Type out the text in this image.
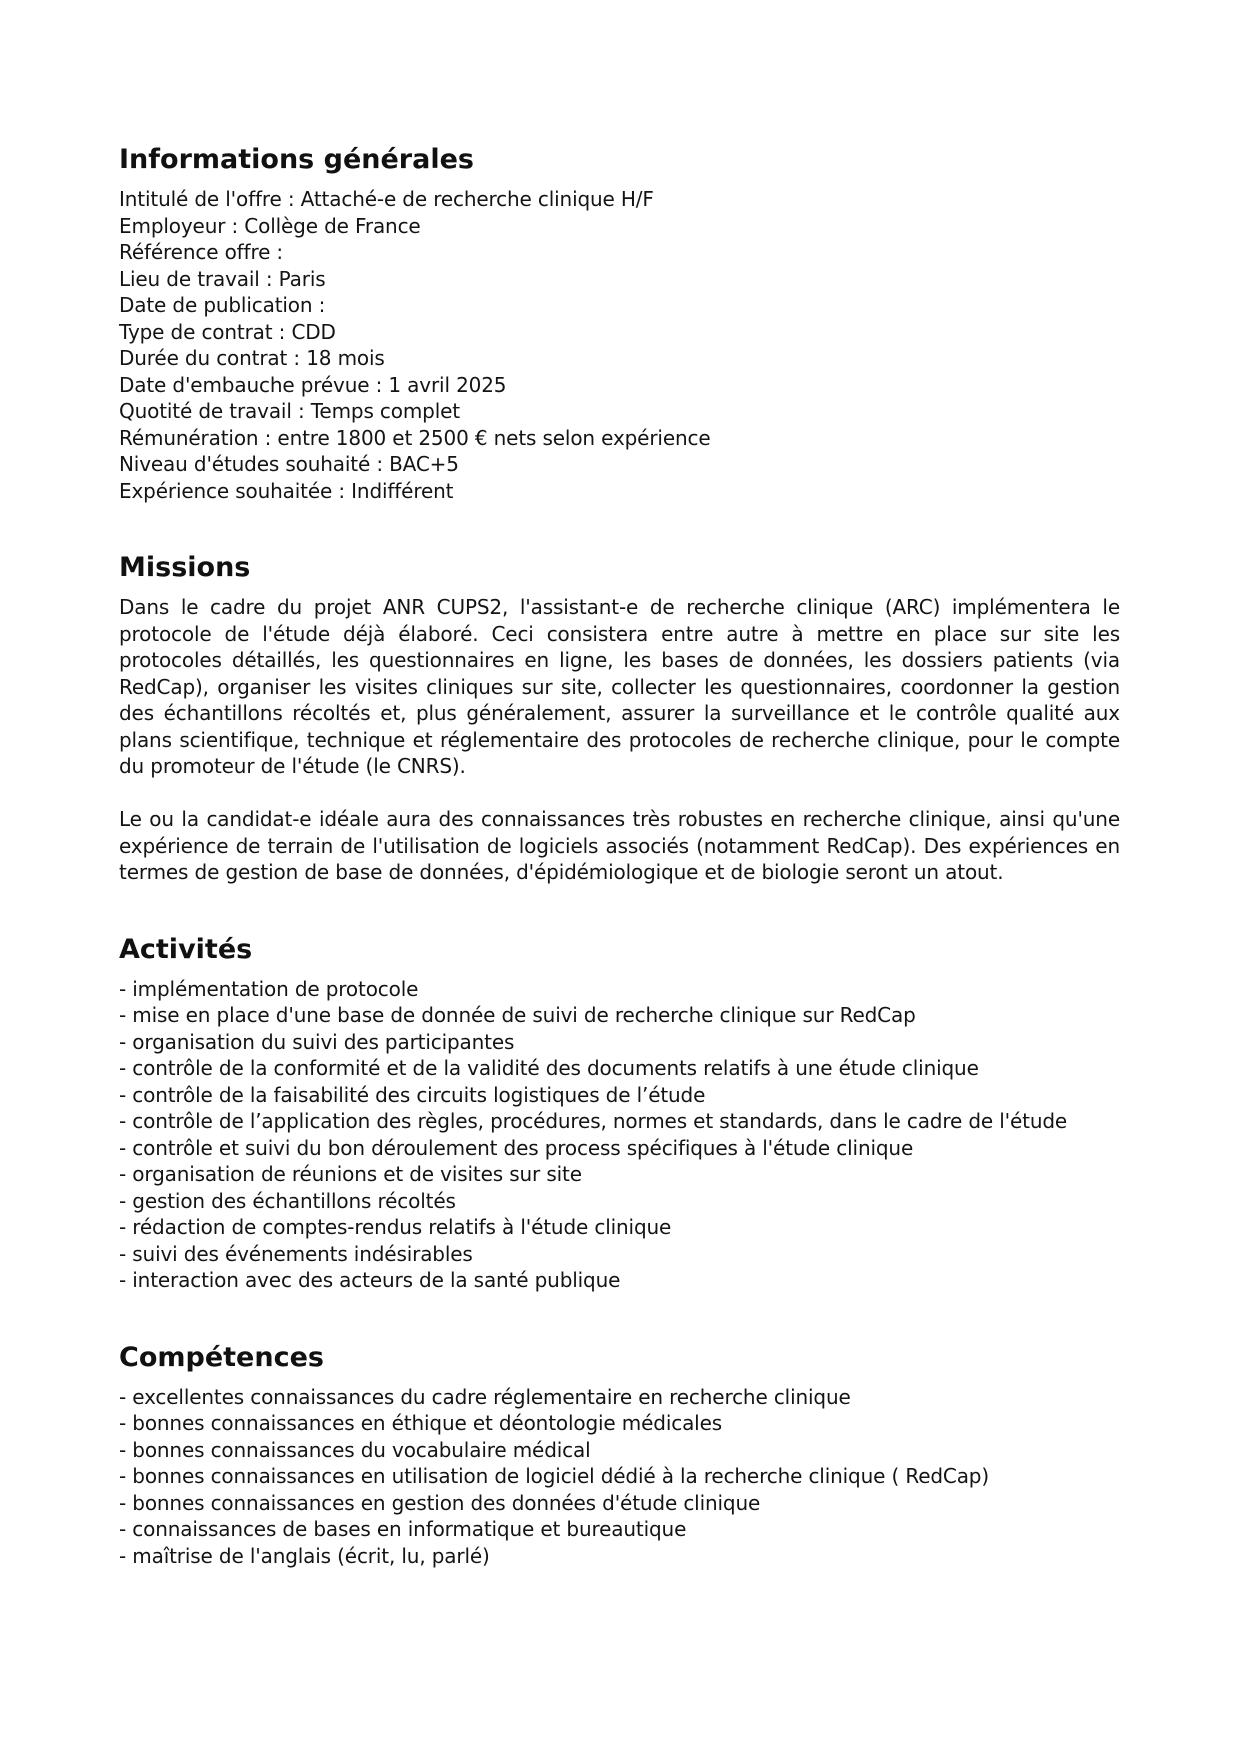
Informations générales
Intitulé de l'offre : Attaché-e de recherche clinique H/F
Employeur : Collège de France
Référence offre :
Lieu de travail : Paris
Date de publication :
Type de contrat : CDD
Durée du contrat : 18 mois
Date d'embauche prévue : 1 avril 2025
Quotité de travail : Temps complet
Rémunération : entre 1800 et 2500 € nets selon expérience
Niveau d'études souhaité : BAC+5
Expérience souhaitée : Indifférent
Missions

Dans le cadre du projet ANR CUPS2, l'assistant-e de recherche clinique (ARC) implémentera le protocole de l'étude déjà élaboré. Ceci consistera entre autre à mettre en place sur site les protocoles détaillés, les questionnaires en ligne, les bases de données, les dossiers patients (via RedCap), organiser les visites cliniques sur site, collecter les questionnaires, coordonner la gestion des échantillons récoltés et, plus généralement, assurer la surveillance et le contrôle qualité aux plans scientifique, technique et réglementaire des protocoles de recherche clinique, pour le compte du promoteur de l'étude (le CNRS).

Le ou la candidat-e idéale aura des connaissances très robustes en recherche clinique, ainsi qu'une expérience de terrain de l'utilisation de logiciels associés (notamment RedCap). Des expériences en termes de gestion de base de données, d'épidémiologique et de biologie seront un atout.

Activités
- implémentation de protocole
- mise en place d'une base de donnée de suivi de recherche clinique sur RedCap
- organisation du suivi des participantes
- contrôle de la conformité et de la validité des documents relatifs à une étude clinique
- contrôle de la faisabilité des circuits logistiques de l’étude
- contrôle de l’application des règles, procédures, normes et standards, dans le cadre de l'étude
- contrôle et suivi du bon déroulement des process spécifiques à l'étude clinique
- organisation de réunions et de visites sur site
- gestion des échantillons récoltés
- rédaction de comptes-rendus relatifs à l'étude clinique
- suivi des événements indésirables
- interaction avec des acteurs de la santé publique
Compétences
- excellentes connaissances du cadre réglementaire en recherche clinique
- bonnes connaissances en éthique et déontologie médicales
- bonnes connaissances du vocabulaire médical
- bonnes connaissances en utilisation de logiciel dédié à la recherche clinique ( RedCap)
- bonnes connaissances en gestion des données d'étude clinique
- connaissances de bases en informatique et bureautique
- maîtrise de l'anglais (écrit, lu, parlé)
